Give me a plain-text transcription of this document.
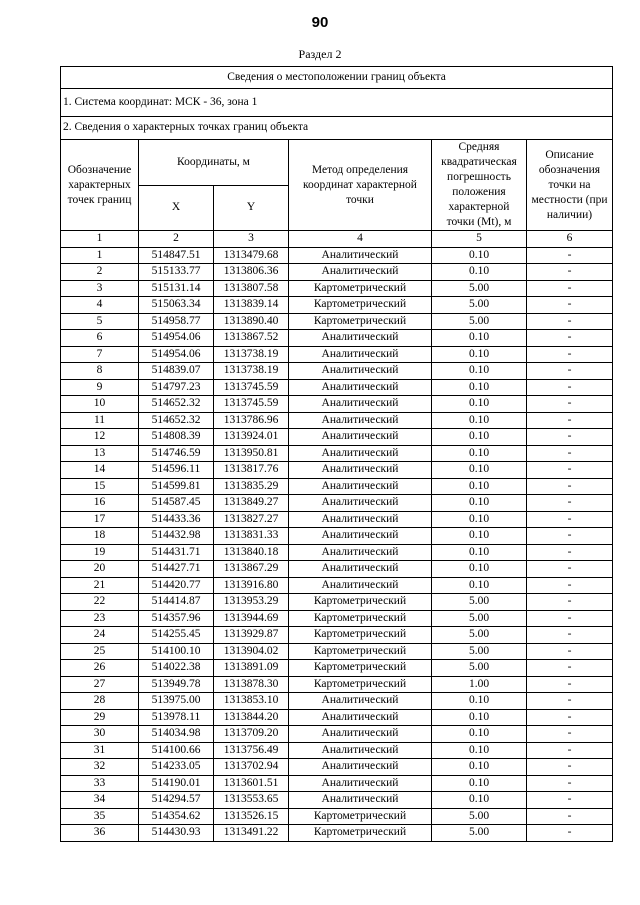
90
Раздел 2
Сведения о местоположении границ объекта					
1. Система координат: МСК - 36, зона 1					
2. Сведения о характерных точках границ объекта					
Обозначение характерных точек границ	Координаты, м		Метод определения координат характерной точки	Средняя квадратическая погрешность положения характерной точки (Mt), м	Описание обозначения точки на местности (при наличии)
	X	Y			
1	2	3	4	5	6
1	514847.51	1313479.68	Аналитический	0.10	-
2	515133.77	1313806.36	Аналитический	0.10	-
3	515131.14	1313807.58	Картометрический	5.00	-
4	515063.34	1313839.14	Картометрический	5.00	-
5	514958.77	1313890.40	Картометрический	5.00	-
6	514954.06	1313867.52	Аналитический	0.10	-
7	514954.06	1313738.19	Аналитический	0.10	-
8	514839.07	1313738.19	Аналитический	0.10	-
9	514797.23	1313745.59	Аналитический	0.10	-
10	514652.32	1313745.59	Аналитический	0.10	-
11	514652.32	1313786.96	Аналитический	0.10	-
12	514808.39	1313924.01	Аналитический	0.10	-
13	514746.59	1313950.81	Аналитический	0.10	-
14	514596.11	1313817.76	Аналитический	0.10	-
15	514599.81	1313835.29	Аналитический	0.10	-
16	514587.45	1313849.27	Аналитический	0.10	-
17	514433.36	1313827.27	Аналитический	0.10	-
18	514432.98	1313831.33	Аналитический	0.10	-
19	514431.71	1313840.18	Аналитический	0.10	-
20	514427.71	1313867.29	Аналитический	0.10	-
21	514420.77	1313916.80	Аналитический	0.10	-
22	514414.87	1313953.29	Картометрический	5.00	-
23	514357.96	1313944.69	Картометрический	5.00	-
24	514255.45	1313929.87	Картометрический	5.00	-
25	514100.10	1313904.02	Картометрический	5.00	-
26	514022.38	1313891.09	Картометрический	5.00	-
27	513949.78	1313878.30	Картометрический	1.00	-
28	513975.00	1313853.10	Аналитический	0.10	-
29	513978.11	1313844.20	Аналитический	0.10	-
30	514034.98	1313709.20	Аналитический	0.10	-
31	514100.66	1313756.49	Аналитический	0.10	-
32	514233.05	1313702.94	Аналитический	0.10	-
33	514190.01	1313601.51	Аналитический	0.10	-
34	514294.57	1313553.65	Аналитический	0.10	-
35	514354.62	1313526.15	Картометрический	5.00	-
36	514430.93	1313491.22	Картометрический	5.00	-
